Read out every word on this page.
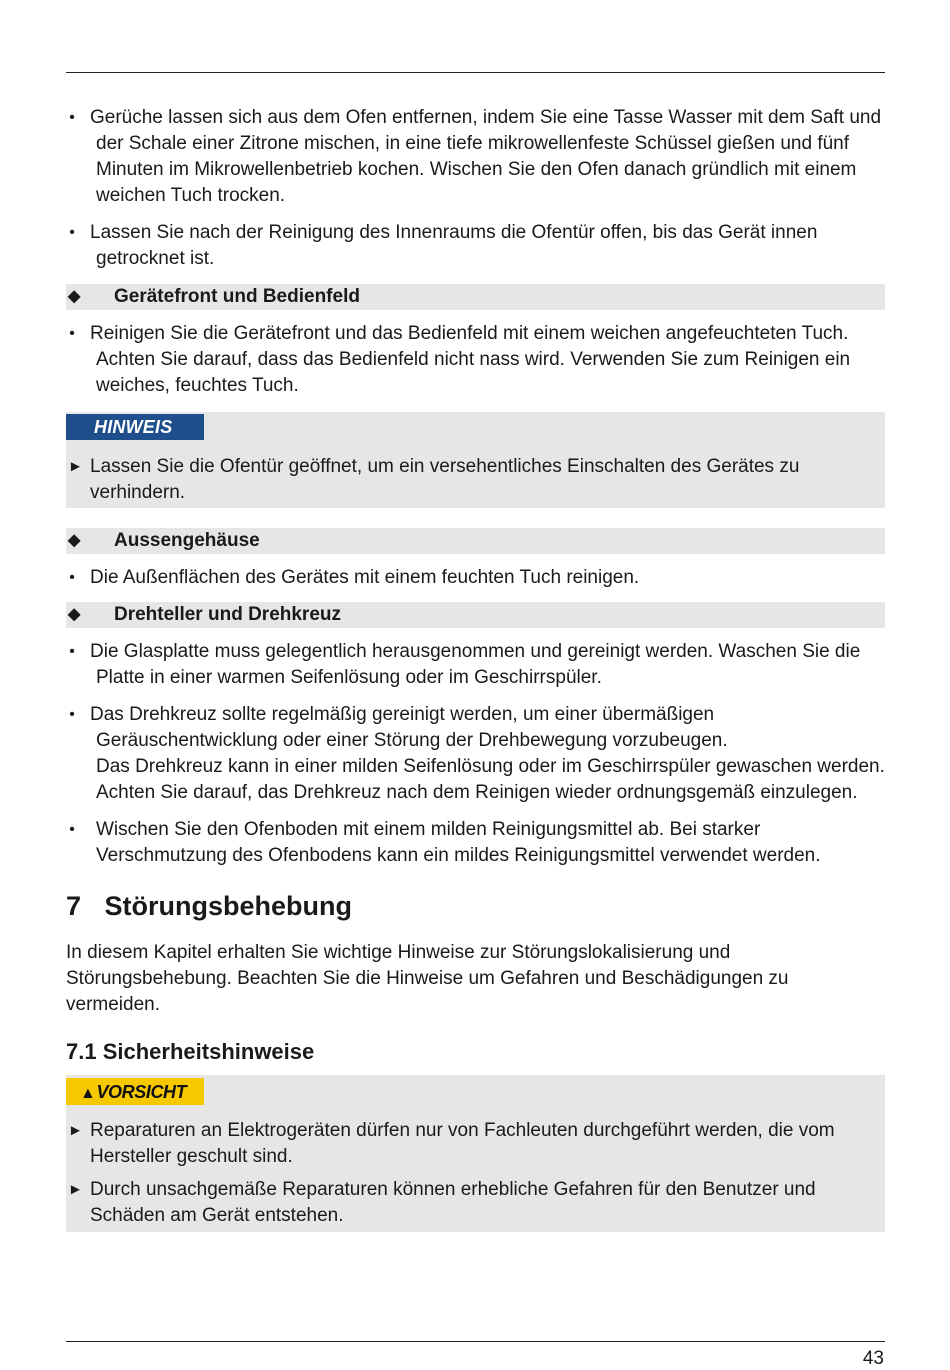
• Gerüche lassen sich aus dem Ofen entfernen, indem Sie eine Tasse Wasser mit dem Saft und der Schale einer Zitrone mischen, in eine tiefe mikrowellenfeste Schüssel gießen und fünf Minuten im Mikrowellenbetrieb kochen. Wischen Sie den Ofen danach gründlich mit einem weichen Tuch trocken.
• Lassen Sie nach der Reinigung des Innenraums die Ofentür offen, bis das Gerät innen getrocknet ist.
◆ Gerätefront und Bedienfeld
• Reinigen Sie die Gerätefront und das Bedienfeld mit einem weichen angefeuchteten Tuch. Achten Sie darauf, dass das Bedienfeld nicht nass wird. Verwenden Sie zum Reinigen ein weiches, feuchtes Tuch.
HINWEIS
► Lassen Sie die Ofentür geöffnet, um ein versehentliches Einschalten des Gerätes zu verhindern.
◆ Aussengehäuse
• Die Außenflächen des Gerätes mit einem feuchten Tuch reinigen.
◆ Drehteller und Drehkreuz
• Die Glasplatte muss gelegentlich herausgenommen und gereinigt werden. Waschen Sie die Platte in einer warmen Seifenlösung oder im Geschirrspüler.
• Das Drehkreuz sollte regelmäßig gereinigt werden, um einer übermäßigen Geräuschentwicklung oder einer Störung der Drehbewegung vorzubeugen.
Das Drehkreuz kann in einer milden Seifenlösung oder im Geschirrspüler gewaschen werden. Achten Sie darauf, das Drehkreuz nach dem Reinigen wieder ordnungsgemäß einzulegen.
•	Wischen Sie den Ofenboden mit einem milden Reinigungsmittel ab. Bei starker Verschmutzung des Ofenbodens kann ein mildes Reinigungsmittel verwendet werden.
7 Störungsbehebung

In diesem Kapitel erhalten Sie wichtige Hinweise zur Störungslokalisierung und Störungsbehebung. Beachten Sie die Hinweise um Gefahren und Beschädigungen zu vermeiden.

7.1 Sicherheitshinweise
▲VORSICHT
► Reparaturen an Elektrogeräten dürfen nur von Fachleuten durchgeführt werden, die vom Hersteller geschult sind.
► Durch unsachgemäße Reparaturen können erhebliche Gefahren für den Benutzer und Schäden am Gerät entstehen.
43
